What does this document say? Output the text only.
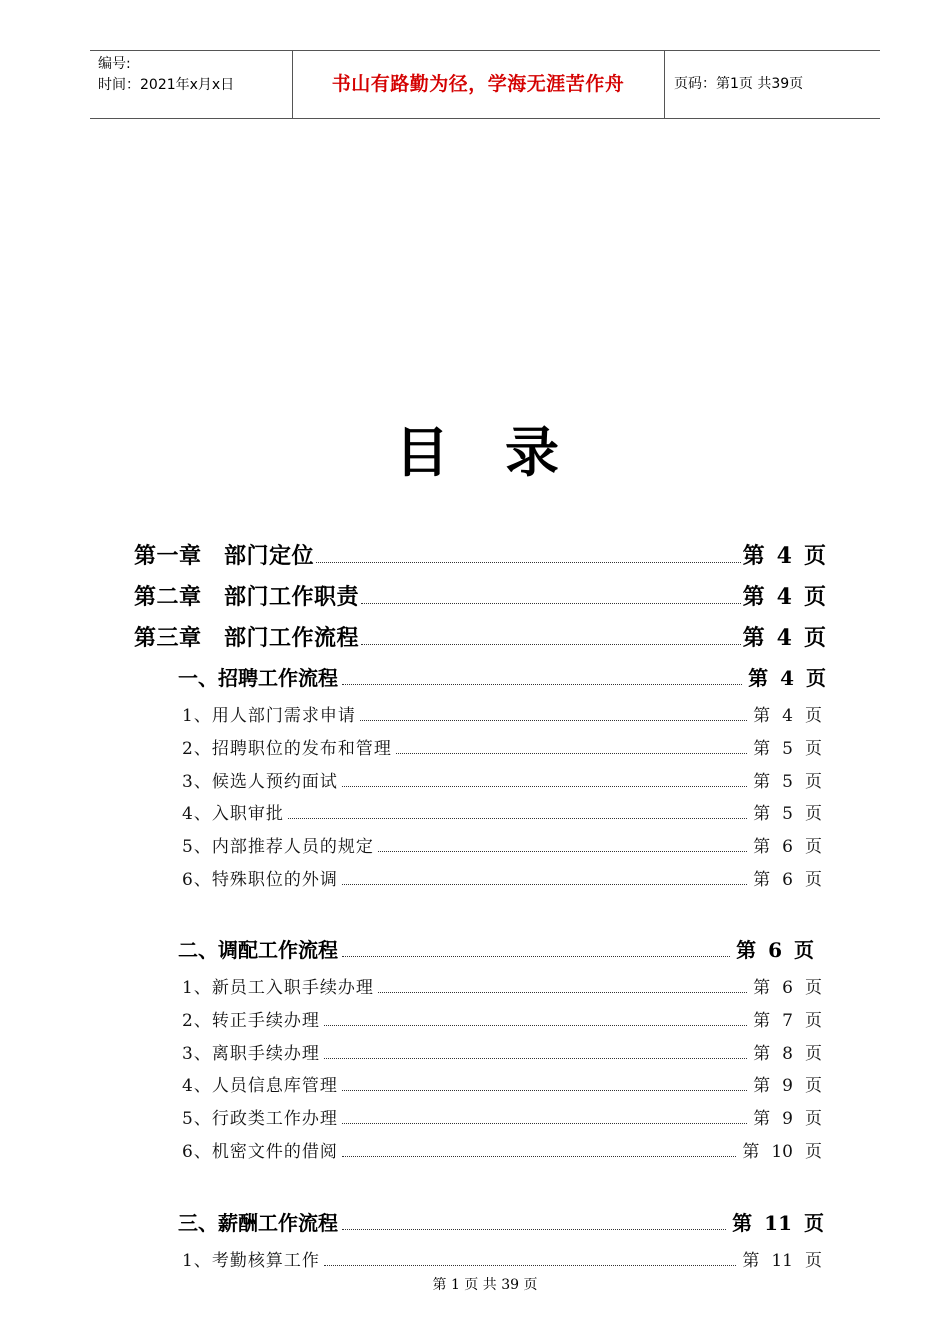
编号:
时间：2021年x月x日	书山有路勤为径，学海无涯苦作舟	页码：第1页 共39页
目录
第一章　部门定位	第 4 页
第二章　部门工作职责	第 4 页
第三章　部门工作流程	第 4 页
一、招聘工作流程	第 4 页
1、用人部门需求申请	第 4 页
2、招聘职位的发布和管理	第 5 页
3、候选人预约面试	第 5 页
4、入职审批	第 5 页
5、内部推荐人员的规定	第 6 页
6、特殊职位的外调	第 6 页
二、调配工作流程	第 6 页
1、新员工入职手续办理	第 6 页
2、转正手续办理	第 7 页
3、离职手续办理	第 8 页
4、人员信息库管理	第 9 页
5、行政类工作办理	第 9 页
6、机密文件的借阅	第 10 页
三、薪酬工作流程	第 11 页
1、考勤核算工作	第 11 页
第 1 页 共 39 页
